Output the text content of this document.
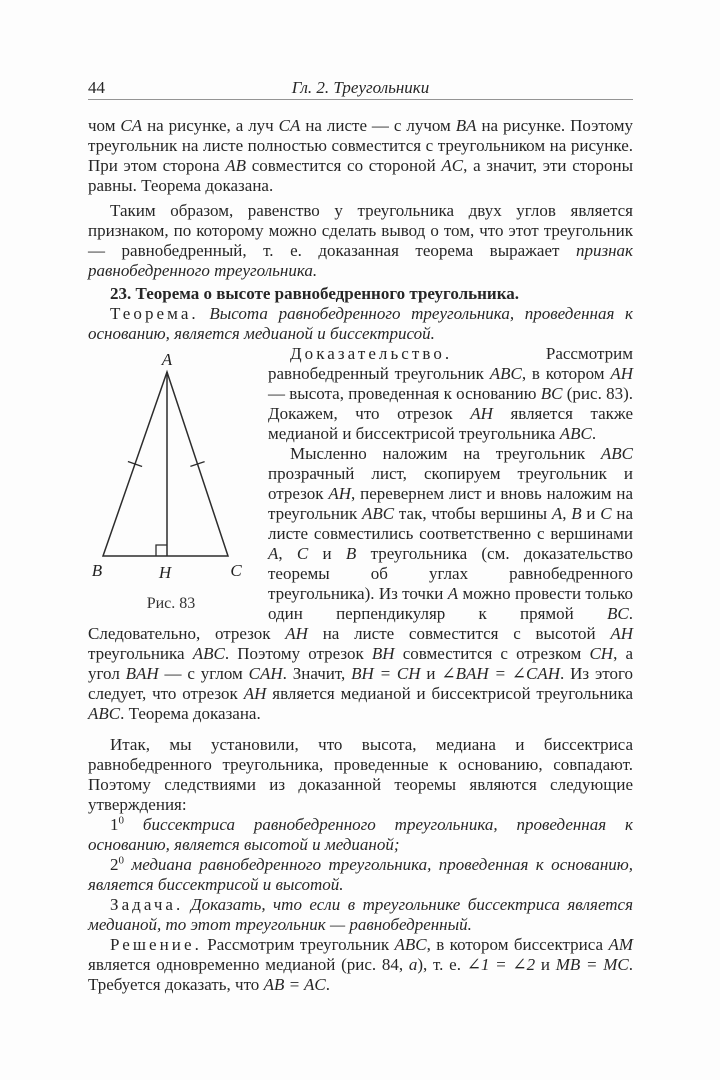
44	Гл. 2. Треугольники

чом CA на рисунке, а луч CA на листе — с лучом BA на рисунке. Поэтому треугольник на листе полностью совместится с треугольником на рисунке. При этом сторона AB совместится со стороной AC, а значит, эти стороны равны. Теорема доказана.

Таким образом, равенство у треугольника двух углов является признаком, по которому можно сделать вывод о том, что этот треугольник — равнобедренный, т. е. доказанная теорема выражает признак равнобедренного треугольника.

23. Теорема о высоте равнобедренного треугольника.

Теорема. Высота равнобедренного треугольника, проведенная к основанию, является медианой и биссектрисой.

A
B	H	C
Рис. 83

Доказательство. Рассмотрим равнобедренный треугольник ABC, в котором AH — высота, проведенная к основанию BC (рис. 83). Докажем, что отрезок AH является также медианой и биссектрисой треугольника ABC.

Мысленно наложим на треугольник ABC прозрачный лист, скопируем треугольник и отрезок AH, перевернем лист и вновь наложим на треугольник ABC так, чтобы вершины A, B и C на листе совместились соответственно с вершинами A, C и B треугольника (см. доказательство теоремы об углах равнобедренного треугольника). Из точки A можно провести только один перпендикуляр к прямой BC. Следовательно, отрезок AH на листе совместится с высотой AH треугольника ABC. Поэтому отрезок BH совместится с отрезком CH, а угол BAH — с углом CAH. Значит, BH = CH и ∠BAH = ∠CAH. Из этого следует, что отрезок AH является медианой и биссектрисой треугольника ABC. Теорема доказана.

Итак, мы установили, что высота, медиана и биссектриса равнобедренного треугольника, проведенные к основанию, совпадают. Поэтому следствиями из доказанной теоремы являются следующие утверждения:

$1^0$ биссектриса равнобедренного треугольника, проведенная к основанию, является высотой и медианой;

$2^0$ медиана равнобедренного треугольника, проведенная к основанию, является биссектрисой и высотой.

Задача. Доказать, что если в треугольнике биссектриса является медианой, то этот треугольник — равнобедренный.

Решение. Рассмотрим треугольник ABC, в котором биссектриса AM является одновременно медианой (рис. 84, а), т. е. ∠1 = ∠2 и MB = MC. Требуется доказать, что AB = AC.
